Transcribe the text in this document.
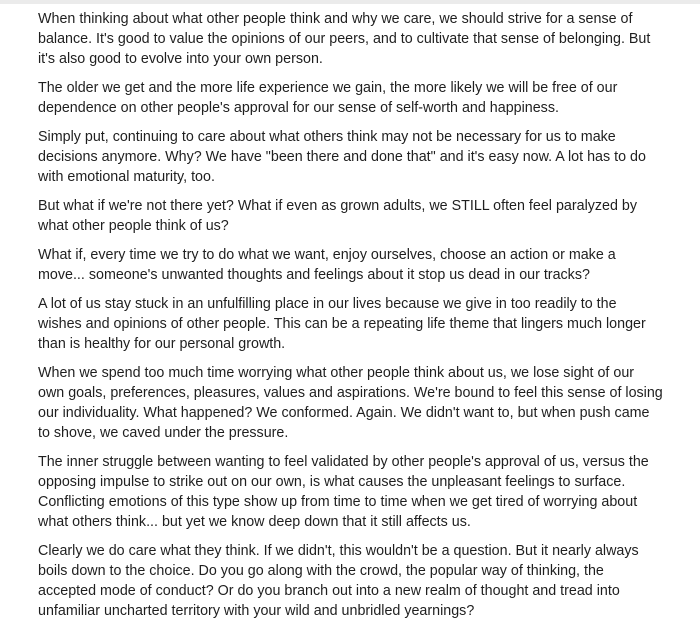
When thinking about what other people think and why we care, we should strive for a sense of balance. It's good to value the opinions of our peers, and to cultivate that sense of belonging. But it's also good to evolve into your own person.

The older we get and the more life experience we gain, the more likely we will be free of our dependence on other people's approval for our sense of self-worth and happiness.

Simply put, continuing to care about what others think may not be necessary for us to make decisions anymore. Why? We have "been there and done that" and it's easy now. A lot has to do with emotional maturity, too.

But what if we're not there yet? What if even as grown adults, we STILL often feel paralyzed by what other people think of us?

What if, every time we try to do what we want, enjoy ourselves, choose an action or make a move... someone's unwanted thoughts and feelings about it stop us dead in our tracks?

A lot of us stay stuck in an unfulfilling place in our lives because we give in too readily to the wishes and opinions of other people. This can be a repeating life theme that lingers much longer than is healthy for our personal growth.

When we spend too much time worrying what other people think about us, we lose sight of our own goals, preferences, pleasures, values and aspirations. We're bound to feel this sense of losing our individuality. What happened? We conformed. Again. We didn't want to, but when push came to shove, we caved under the pressure.

The inner struggle between wanting to feel validated by other people's approval of us, versus the opposing impulse to strike out on our own, is what causes the unpleasant feelings to surface. Conflicting emotions of this type show up from time to time when we get tired of worrying about what others think... but yet we know deep down that it still affects us.

Clearly we do care what they think. If we didn't, this wouldn't be a question. But it nearly always boils down to the choice. Do you go along with the crowd, the popular way of thinking, the accepted mode of conduct? Or do you branch out into a new realm of thought and tread into unfamiliar uncharted territory with your wild and unbridled yearnings?
